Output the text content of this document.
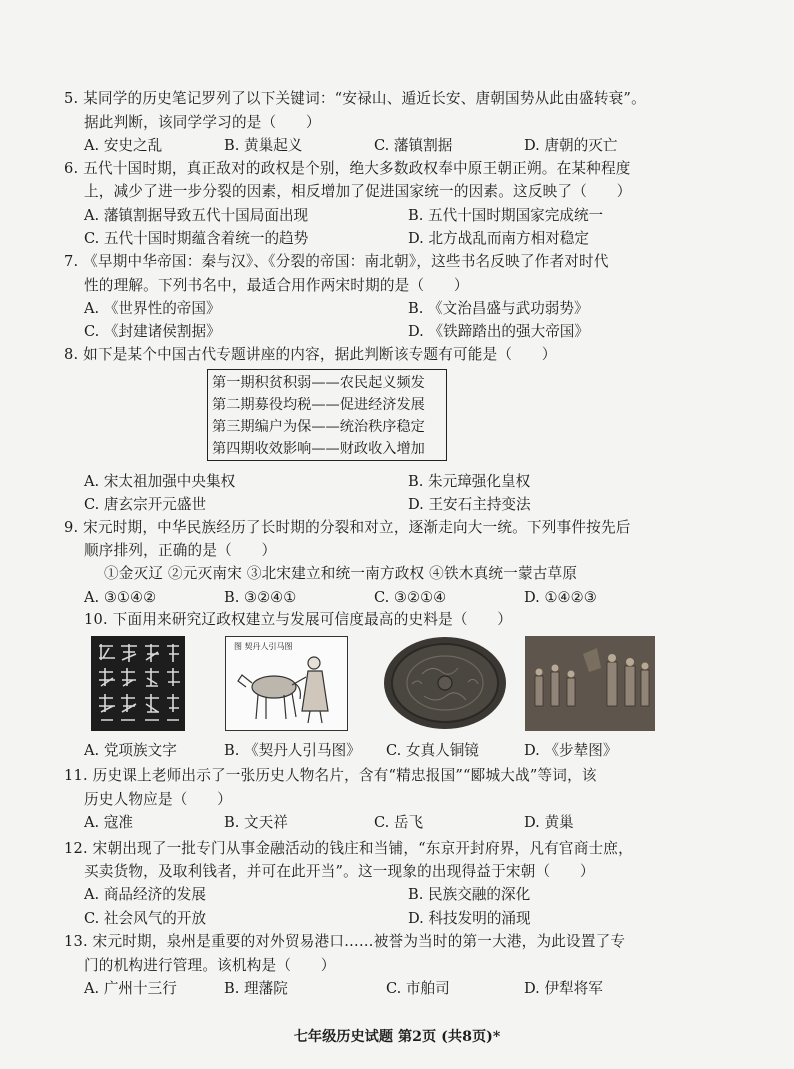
5. 某同学的历史笔记罗列了以下关键词：“安禄山、遁近长安、唐朝国势从此由盛转衰”。
据此判断，该同学学习的是（　　）
A. 安史之乱	B. 黄巢起义	C. 藩镇割据	D. 唐朝的灭亡
6. 五代十国时期，真正敌对的政权是个别，绝大多数政权奉中原王朝正朔。在某种程度
上，减少了进一步分裂的因素，相反增加了促进国家统一的因素。这反映了（　　）
A. 藩镇割据导致五代十国局面出现	B. 五代十国时期国家完成统一
C. 五代十国时期蕴含着统一的趋势	D. 北方战乱而南方相对稳定
7. 《早期中华帝国：秦与汉》、《分裂的帝国：南北朝》，这些书名反映了作者对时代
性的理解。下列书名中，最适合用作两宋时期的是（　　）
A. 《世界性的帝国》	B. 《文治昌盛与武功弱势》
C. 《封建诸侯割据》	D. 《铁蹄踏出的强大帝国》
8. 如下是某个中国古代专题讲座的内容，据此判断该专题有可能是（　　）
第一期积贫积弱——农民起义频发
第二期募役均税——促进经济发展
第三期编户为保——统治秩序稳定
第四期收效影响——财政收入增加
A. 宋太祖加强中央集权	B. 朱元璋强化皇权
C. 唐玄宗开元盛世	D. 王安石主持变法
9. 宋元时期，中华民族经历了长时期的分裂和对立，逐渐走向大一统。下列事件按先后
顺序排列，正确的是（　　）
①金灭辽 ②元灭南宋 ③北宋建立和统一南方政权 ④铁木真统一蒙古草原
A. ③①④②	B. ③②④①	C. ③②①④	D. ①④②③
10. 下面用来研究辽政权建立与发展可信度最高的史料是（　　）
图 契丹人引马图
A. 党项族文字	B. 《契丹人引马图》 C. 女真人铜镜	D. 《步辇图》
11. 历史课上老师出示了一张历史人物名片，含有“精忠报国”“郾城大战”等词，该
历史人物应是（　　）
A. 寇准	B. 文天祥	C. 岳飞	D. 黄巢
12. 宋朝出现了一批专门从事金融活动的钱庄和当铺，“东京开封府界，凡有官商士庶，
买卖货物，及取利钱者，并可在此开当”。这一现象的出现得益于宋朝（　　）
A. 商品经济的发展	B. 民族交融的深化
C. 社会风气的开放	D. 科技发明的涌现
13. 宋元时期，泉州是重要的对外贸易港口……被誉为当时的第一大港，为此设置了专
门的机构进行管理。该机构是（　　）
A. 广州十三行	B. 理藩院	C. 市舶司	D. 伊犁将军
七年级历史试题 第2页 (共8页)*
